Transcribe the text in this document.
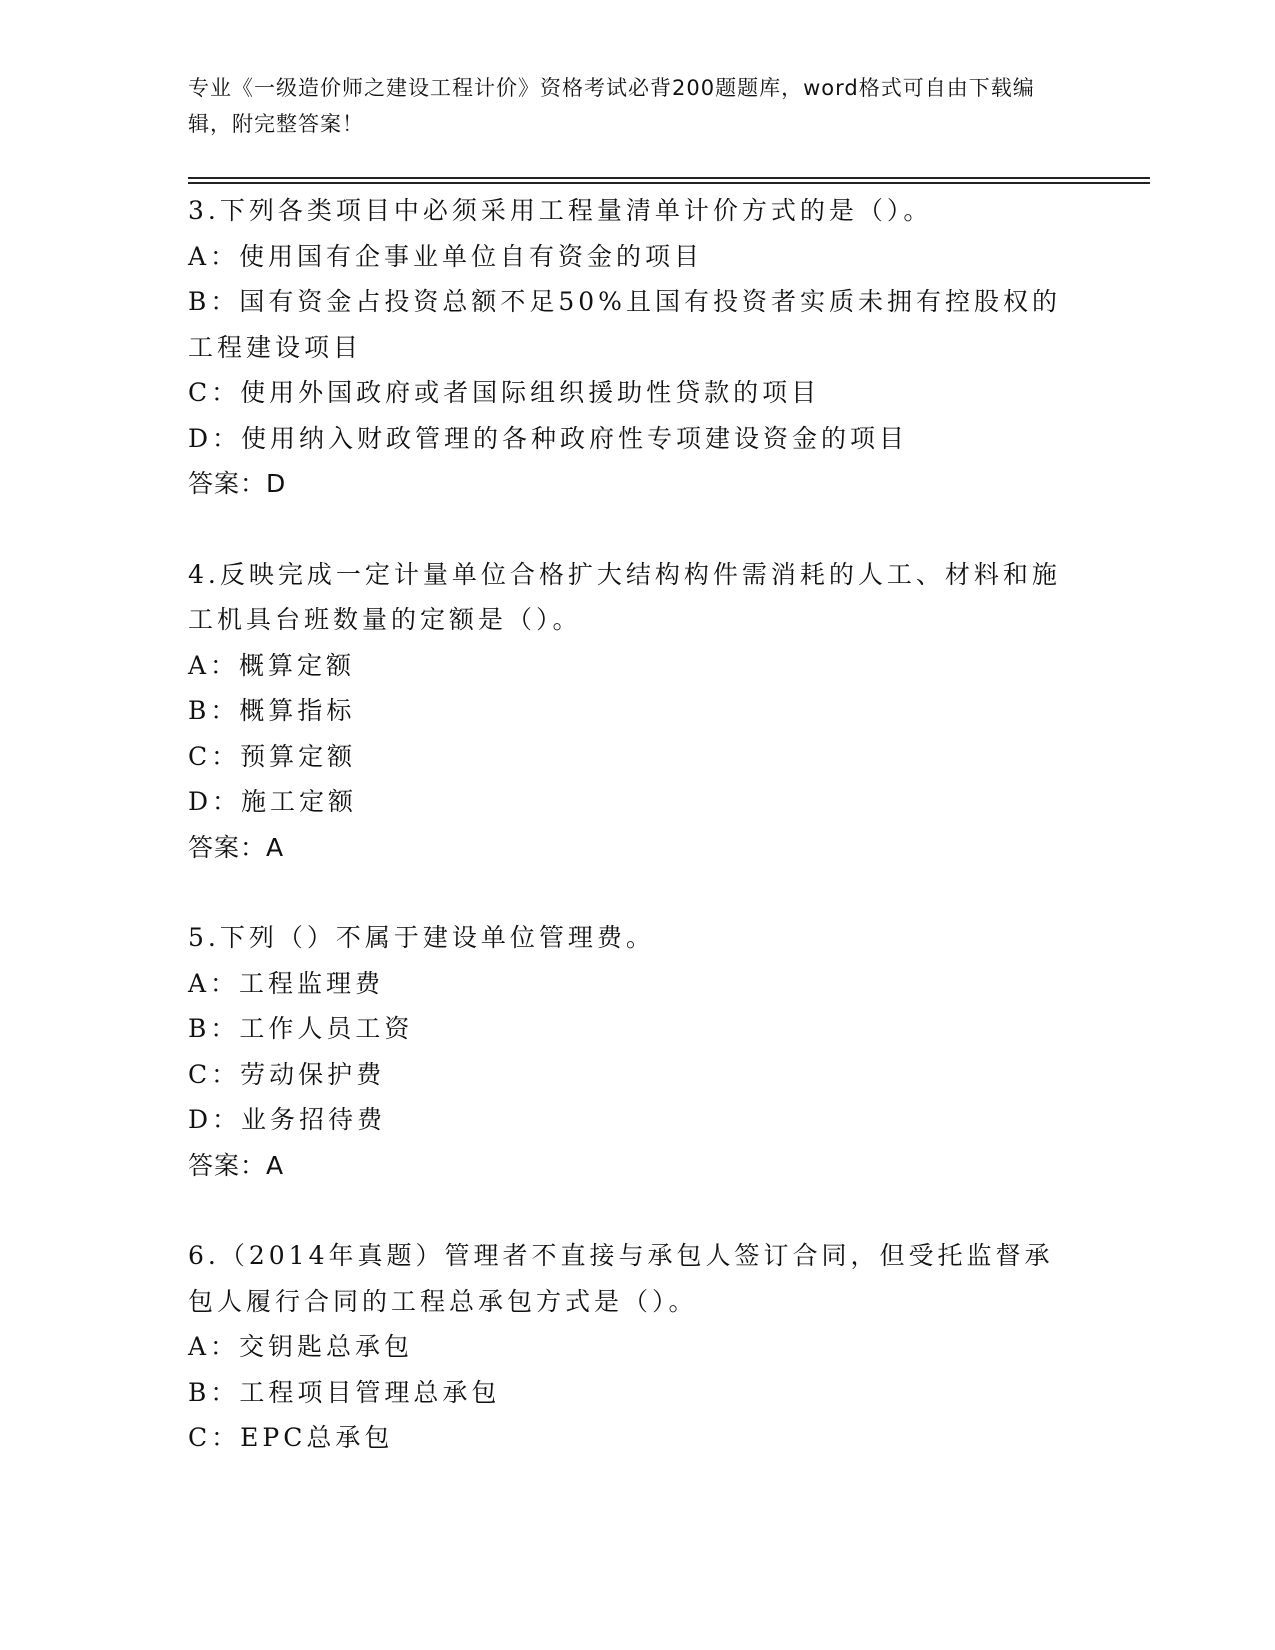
专业《一级造价师之建设工程计价》资格考试必背200题题库，word格式可自由下载编辑，附完整答案！
3.下列各类项目中必须采用工程量清单计价方式的是（）。
A：使用国有企事业单位自有资金的项目
B：国有资金占投资总额不足50%且国有投资者实质未拥有控股权的工程建设项目
C：使用外国政府或者国际组织援助性贷款的项目
D：使用纳入财政管理的各种政府性专项建设资金的项目
答案：D
4.反映完成一定计量单位合格扩大结构构件需消耗的人工、材料和施工机具台班数量的定额是（）。
A：概算定额
B：概算指标
C：预算定额
D：施工定额
答案：A
5.下列（）不属于建设单位管理费。
A：工程监理费
B：工作人员工资
C：劳动保护费
D：业务招待费
答案：A
6.（2014年真题）管理者不直接与承包人签订合同，但受托监督承包人履行合同的工程总承包方式是（）。
A：交钥匙总承包
B：工程项目管理总承包
C：EPC总承包
